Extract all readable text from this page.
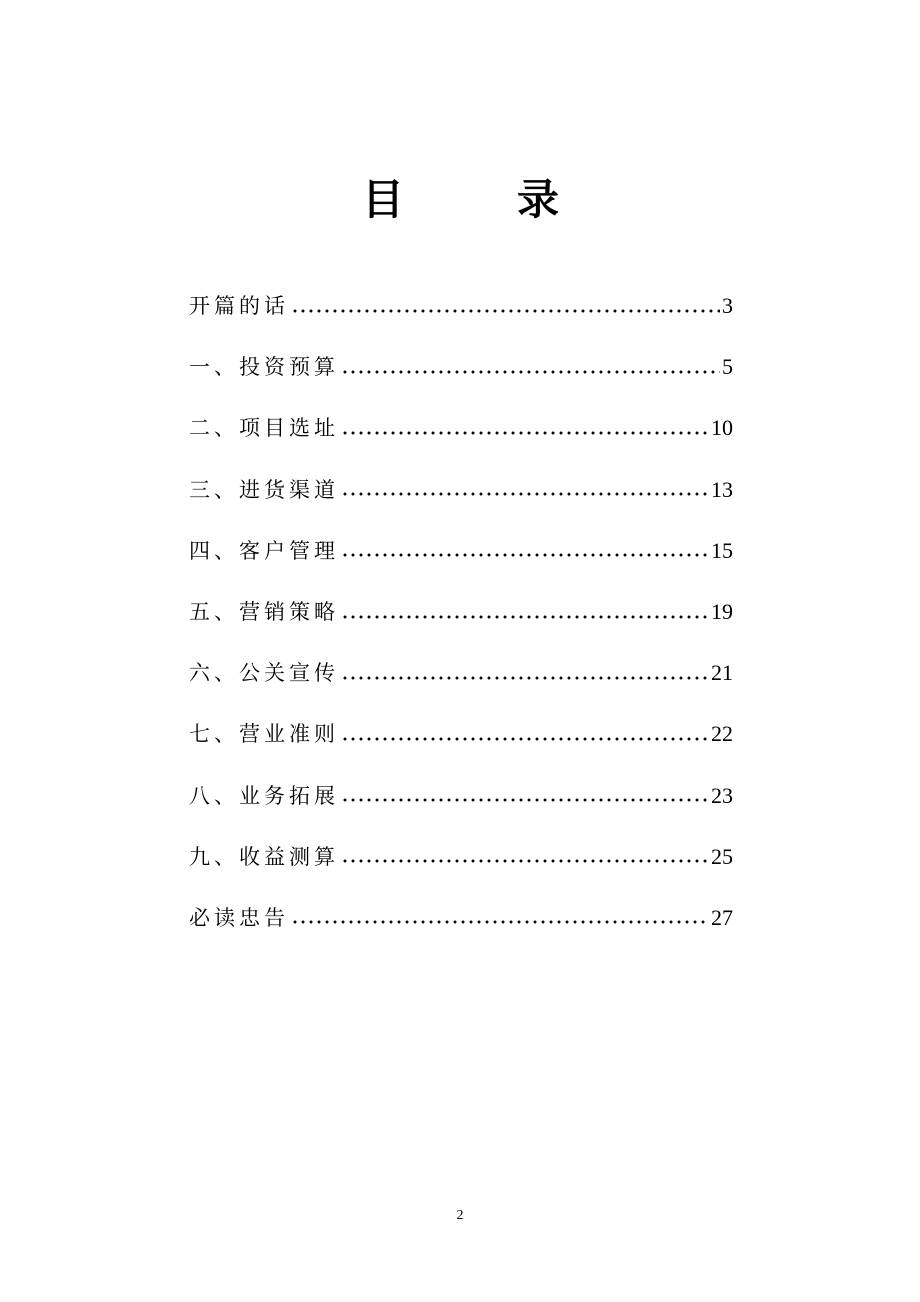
目	录
开篇的话	3
一、投资预算	5
二、项目选址	10
三、进货渠道	13
四、客户管理	15
五、营销策略	19
六、公关宣传	21
七、营业准则	22
八、业务拓展	23
九、收益测算	25
必读忠告	27
2
